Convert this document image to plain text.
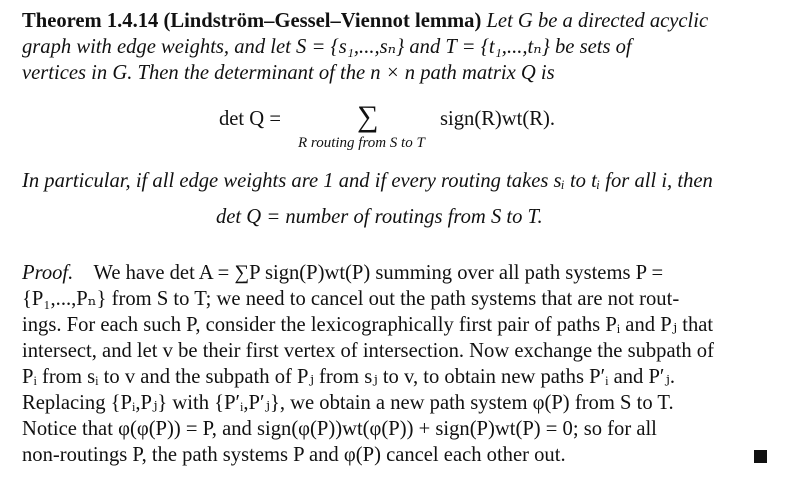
Theorem 1.4.14 (Lindström–Gessel–Viennot lemma) Let G be a directed acyclic
graph with edge weights, and let S = {s₁,...,sₙ} and T = {t₁,...,tₙ} be sets of
vertices in G. Then the determinant of the n × n path matrix Q is
det Q =	∑
R routing from S to T
sign(R)wt(R).
In particular, if all edge weights are 1 and if every routing takes sᵢ to tᵢ for all i, then
det Q = number of routings from S to T.
Proof. We have det A = ∑P sign(P)wt(P) summing over all path systems P =
{P₁,...,Pₙ} from S to T; we need to cancel out the path systems that are not rout-
ings. For each such P, consider the lexicographically first pair of paths Pᵢ and Pⱼ that
intersect, and let v be their first vertex of intersection. Now exchange the subpath of
Pᵢ from sᵢ to v and the subpath of Pⱼ from sⱼ to v, to obtain new paths P′ᵢ and P′ⱼ.
Replacing {Pᵢ,Pⱼ} with {P′ᵢ,P′ⱼ}, we obtain a new path system φ(P) from S to T.
Notice that φ(φ(P)) = P, and sign(φ(P))wt(φ(P)) + sign(P)wt(P) = 0; so for all
non-routings P, the path systems P and φ(P) cancel each other out.
